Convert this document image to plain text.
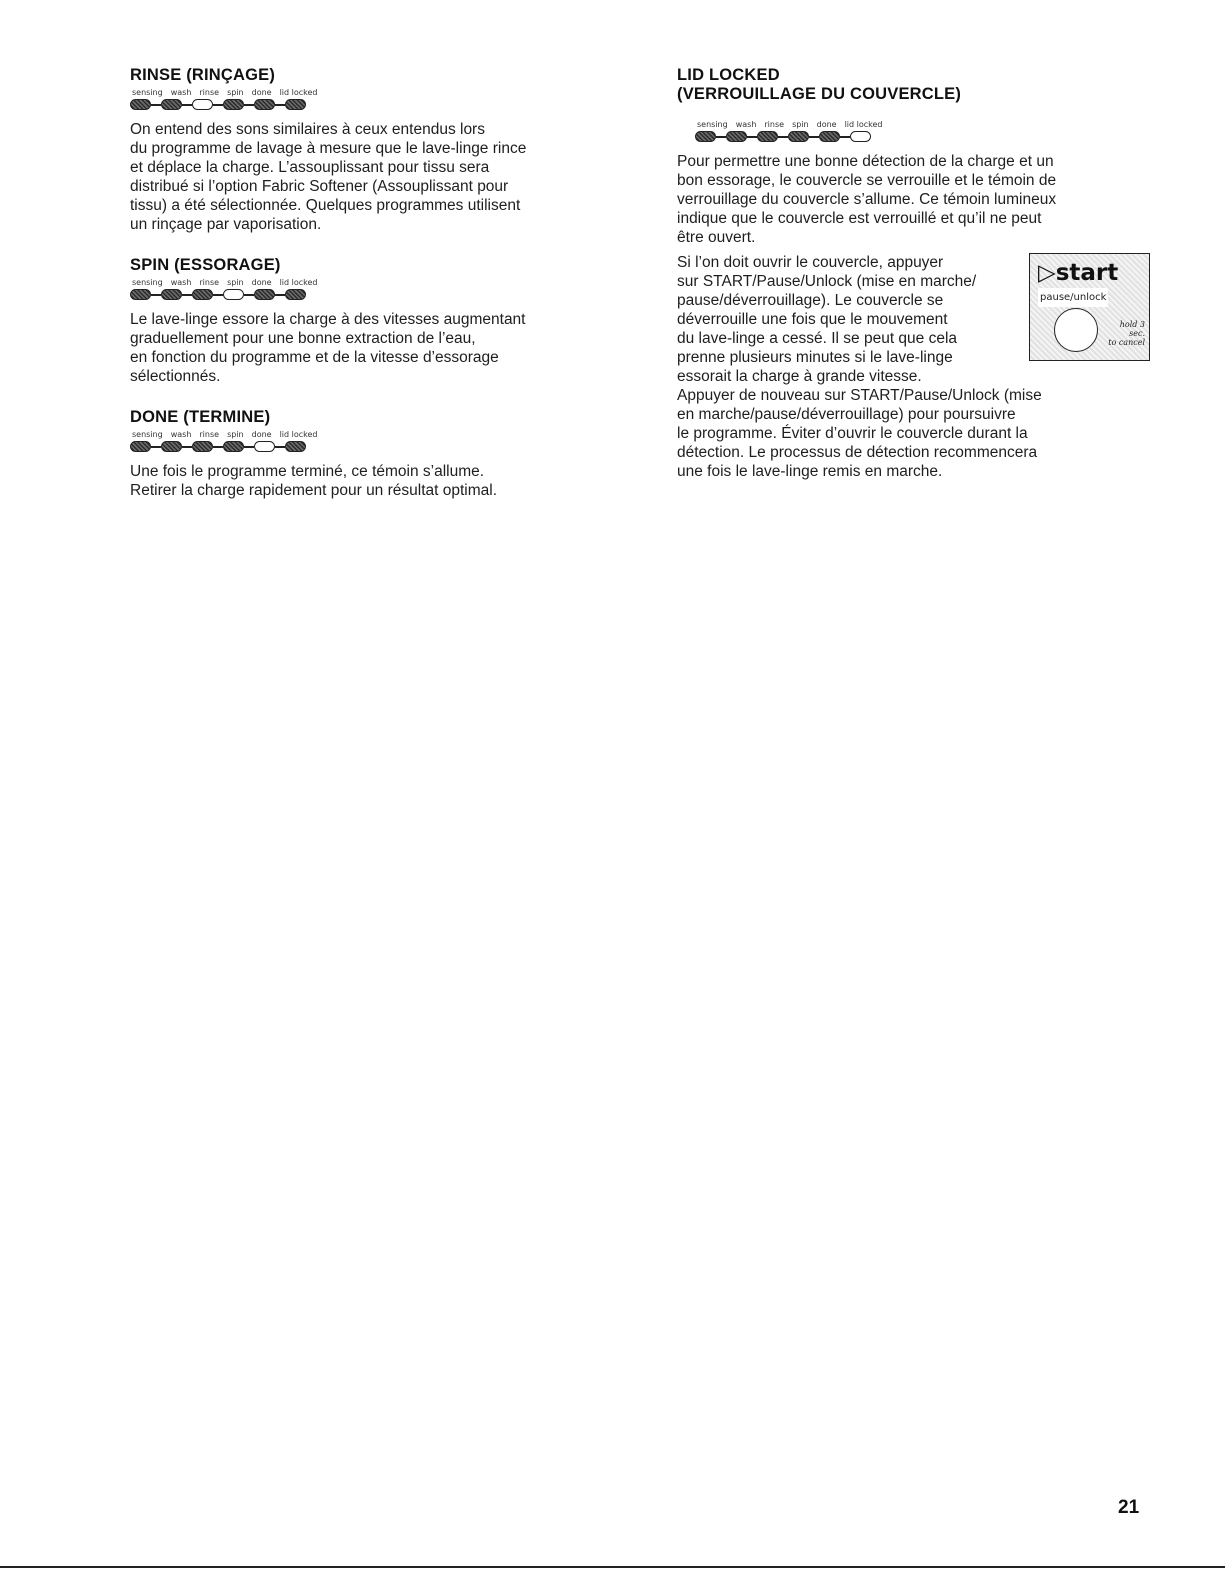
RINSE (RINÇAGE)
sensing wash rinse spin done lid locked
On entend des sons similaires à ceux entendus lors
du programme de lavage à mesure que le lave-linge rince
et déplace la charge. L’assouplissant pour tissu sera
distribué si l’option Fabric Softener (Assouplissant pour
tissu) a été sélectionnée. Quelques programmes utilisent
un rinçage par vaporisation.
SPIN (ESSORAGE)
sensing wash rinse spin done lid locked
Le lave-linge essore la charge à des vitesses augmentant
graduellement pour une bonne extraction de l’eau,
en fonction du programme et de la vitesse d’essorage
sélectionnés.
DONE (TERMINE)
sensing wash rinse spin done lid locked
Une fois le programme terminé, ce témoin s’allume.
Retirer la charge rapidement pour un résultat optimal.
LID LOCKED
(VERROUILLAGE DU COUVERCLE)
sensing wash rinse spin done lid locked
Pour permettre une bonne détection de la charge et un
bon essorage, le couvercle se verrouille et le témoin de
verrouillage du couvercle s’allume. Ce témoin lumineux
indique que le couvercle est verrouillé et qu’il ne peut
être ouvert.
Si l’on doit ouvrir le couvercle, appuyer
sur START/Pause/Unlock (mise en marche/
pause/déverrouillage). Le couvercle se
déverrouille une fois que le mouvement
du lave-linge a cessé. Il se peut que cela
prenne plusieurs minutes si le lave-linge
essorait la charge à grande vitesse.
Appuyer de nouveau sur START/Pause/Unlock (mise
en marche/pause/déverrouillage) pour poursuivre
le programme. Éviter d’ouvrir le couvercle durant la
détection. Le processus de détection recommencera
une fois le lave-linge remis en marche.
▷start
pause/unlock
hold 3 sec.
to cancel
21
